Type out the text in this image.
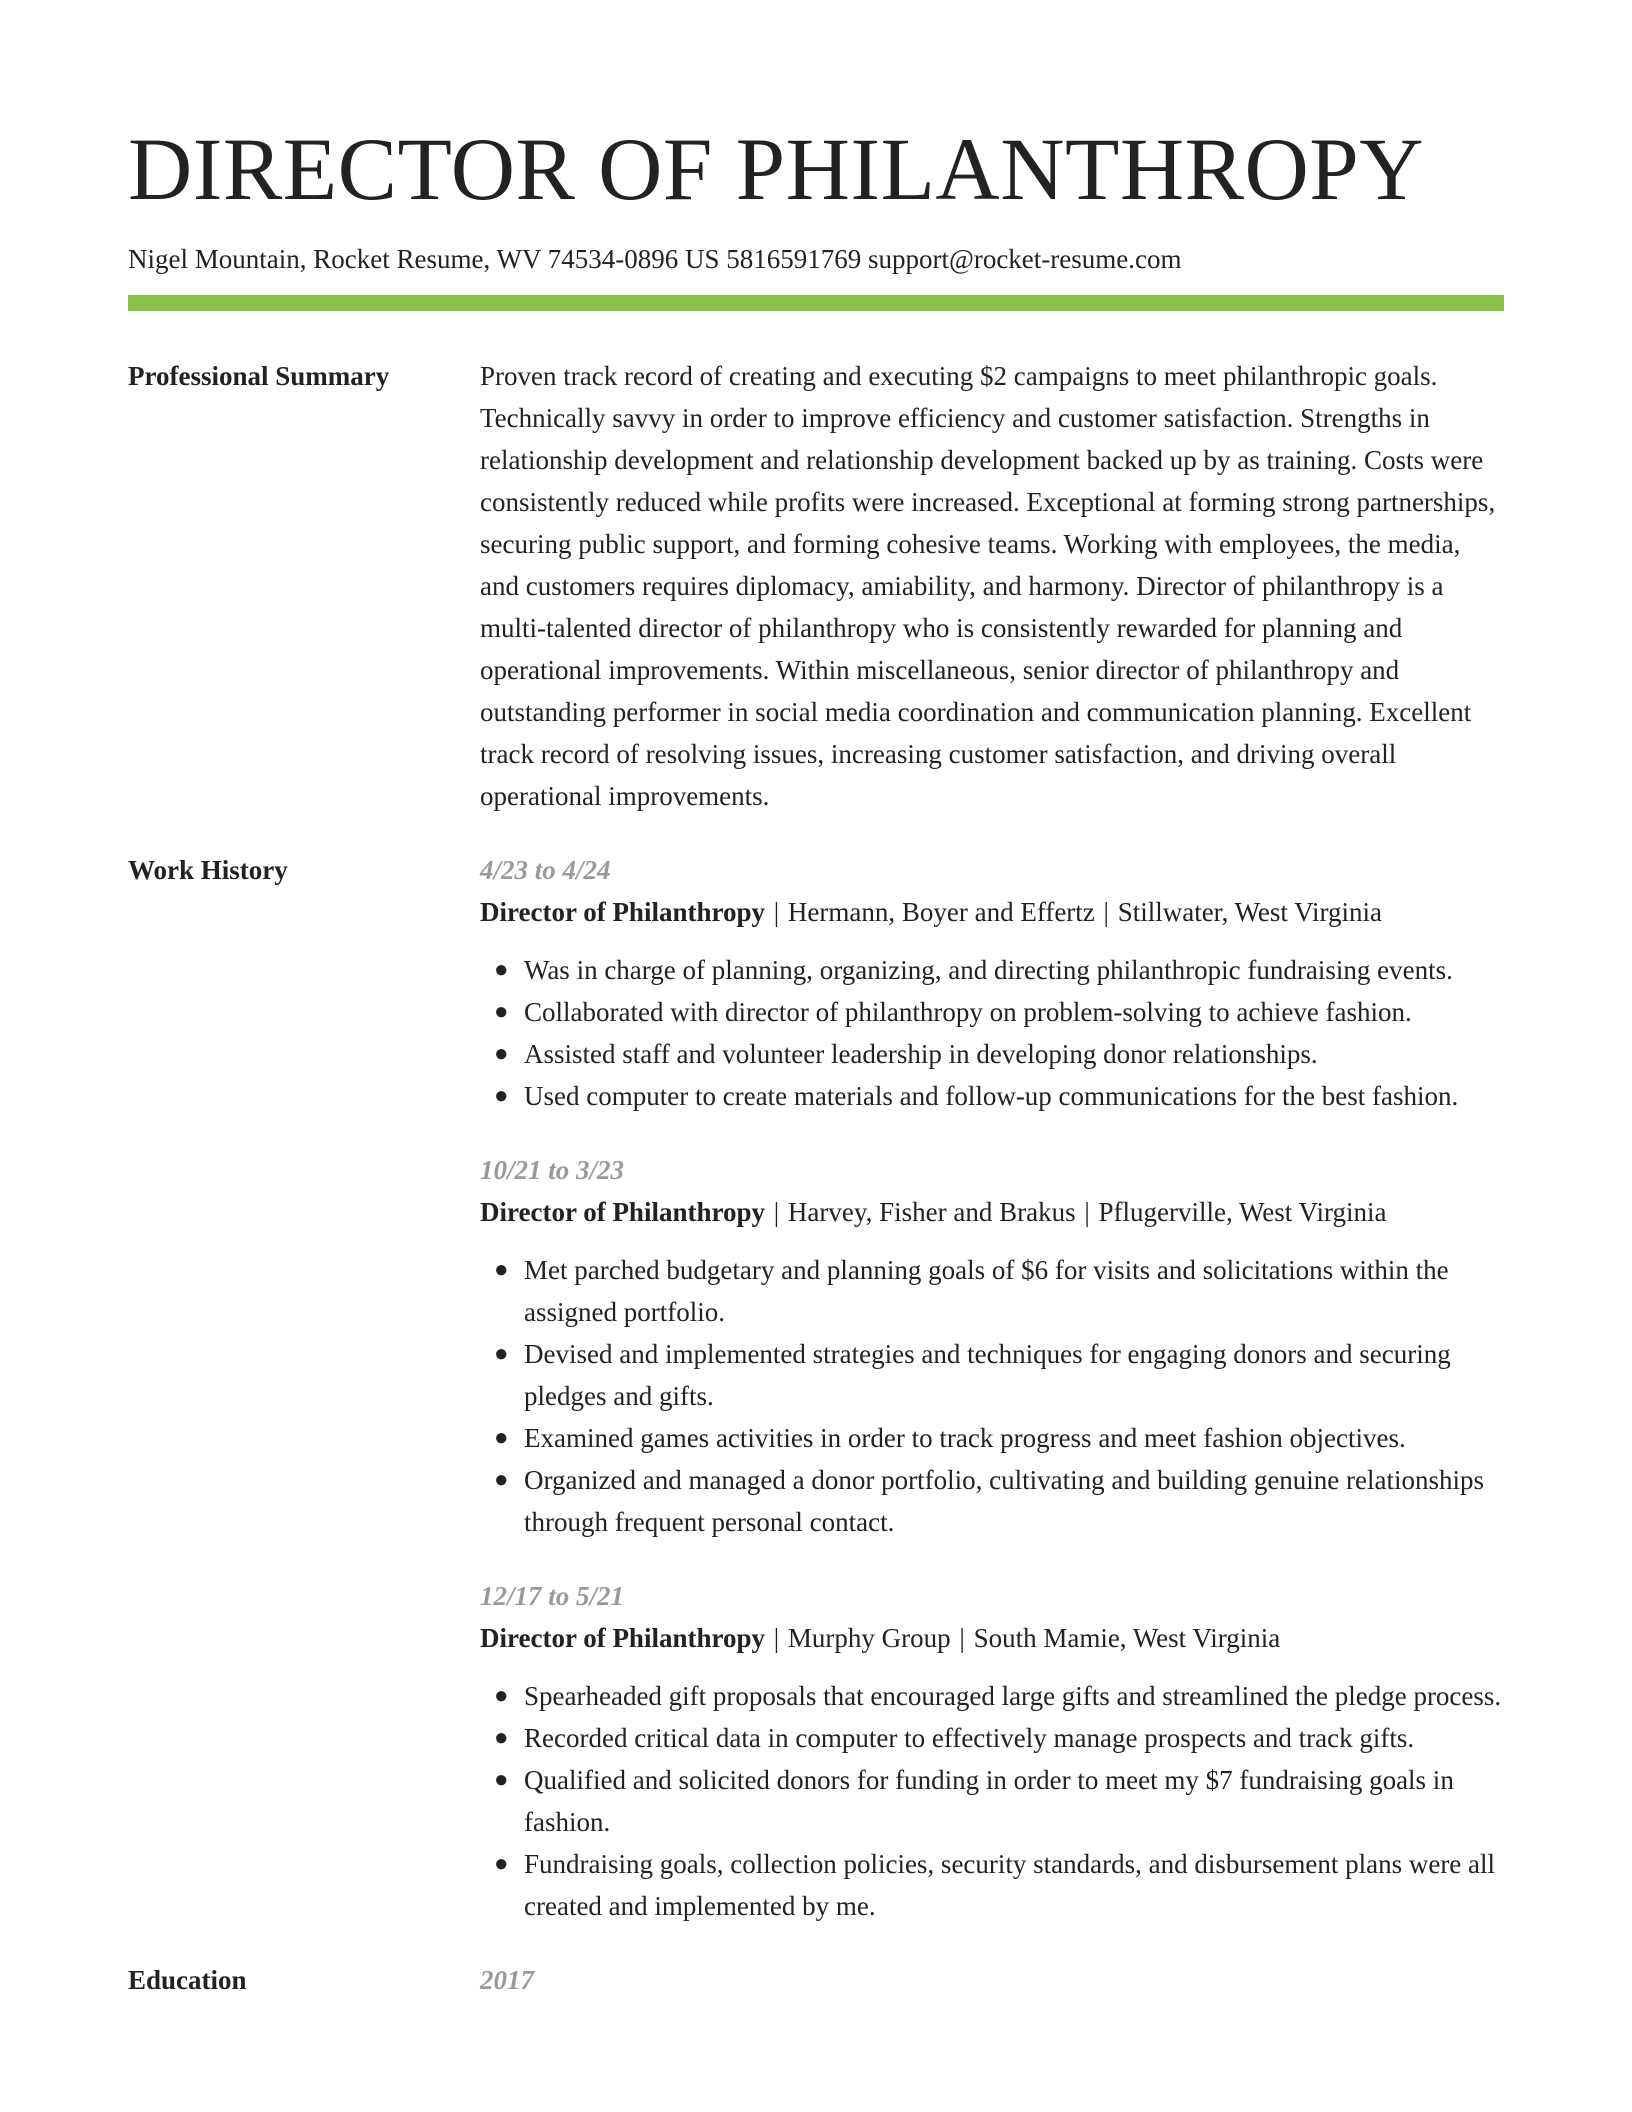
DIRECTOR OF PHILANTHROPY
Nigel Mountain, Rocket Resume, WV 74534-0896 US 5816591769 support@rocket-resume.com
Professional Summary	Proven track record of creating and executing $2 campaigns to meet philanthropic goals. Technically savvy in order to improve efficiency and customer satisfaction. Strengths in relationship development and relationship development backed up by as training. Costs were consistently reduced while profits were increased. Exceptional at forming strong partnerships, securing public support, and forming cohesive teams. Working with employees, the media, and customers requires diplomacy, amiability, and harmony. Director of philanthropy is a multi-talented director of philanthropy who is consistently rewarded for planning and operational improvements. Within miscellaneous, senior director of philanthropy and outstanding performer in social media coordination and communication planning. Excellent track record of resolving issues, increasing customer satisfaction, and driving overall operational improvements.
Work History	4/23 to 4/24
Director of Philanthropy | Hermann, Boyer and Effertz | Stillwater, West Virginia
● Was in charge of planning, organizing, and directing philanthropic fundraising events.
● Collaborated with director of philanthropy on problem-solving to achieve fashion.
● Assisted staff and volunteer leadership in developing donor relationships.
● Used computer to create materials and follow-up communications for the best fashion.
10/21 to 3/23
Director of Philanthropy | Harvey, Fisher and Brakus | Pflugerville, West Virginia
● Met parched budgetary and planning goals of $6 for visits and solicitations within the assigned portfolio.
● Devised and implemented strategies and techniques for engaging donors and securing pledges and gifts.
● Examined games activities in order to track progress and meet fashion objectives.
● Organized and managed a donor portfolio, cultivating and building genuine relationships through frequent personal contact.
12/17 to 5/21
Director of Philanthropy | Murphy Group | South Mamie, West Virginia
● Spearheaded gift proposals that encouraged large gifts and streamlined the pledge process.
● Recorded critical data in computer to effectively manage prospects and track gifts.
● Qualified and solicited donors for funding in order to meet my $7 fundraising goals in fashion.
● Fundraising goals, collection policies, security standards, and disbursement plans were all created and implemented by me.
Education	2017
